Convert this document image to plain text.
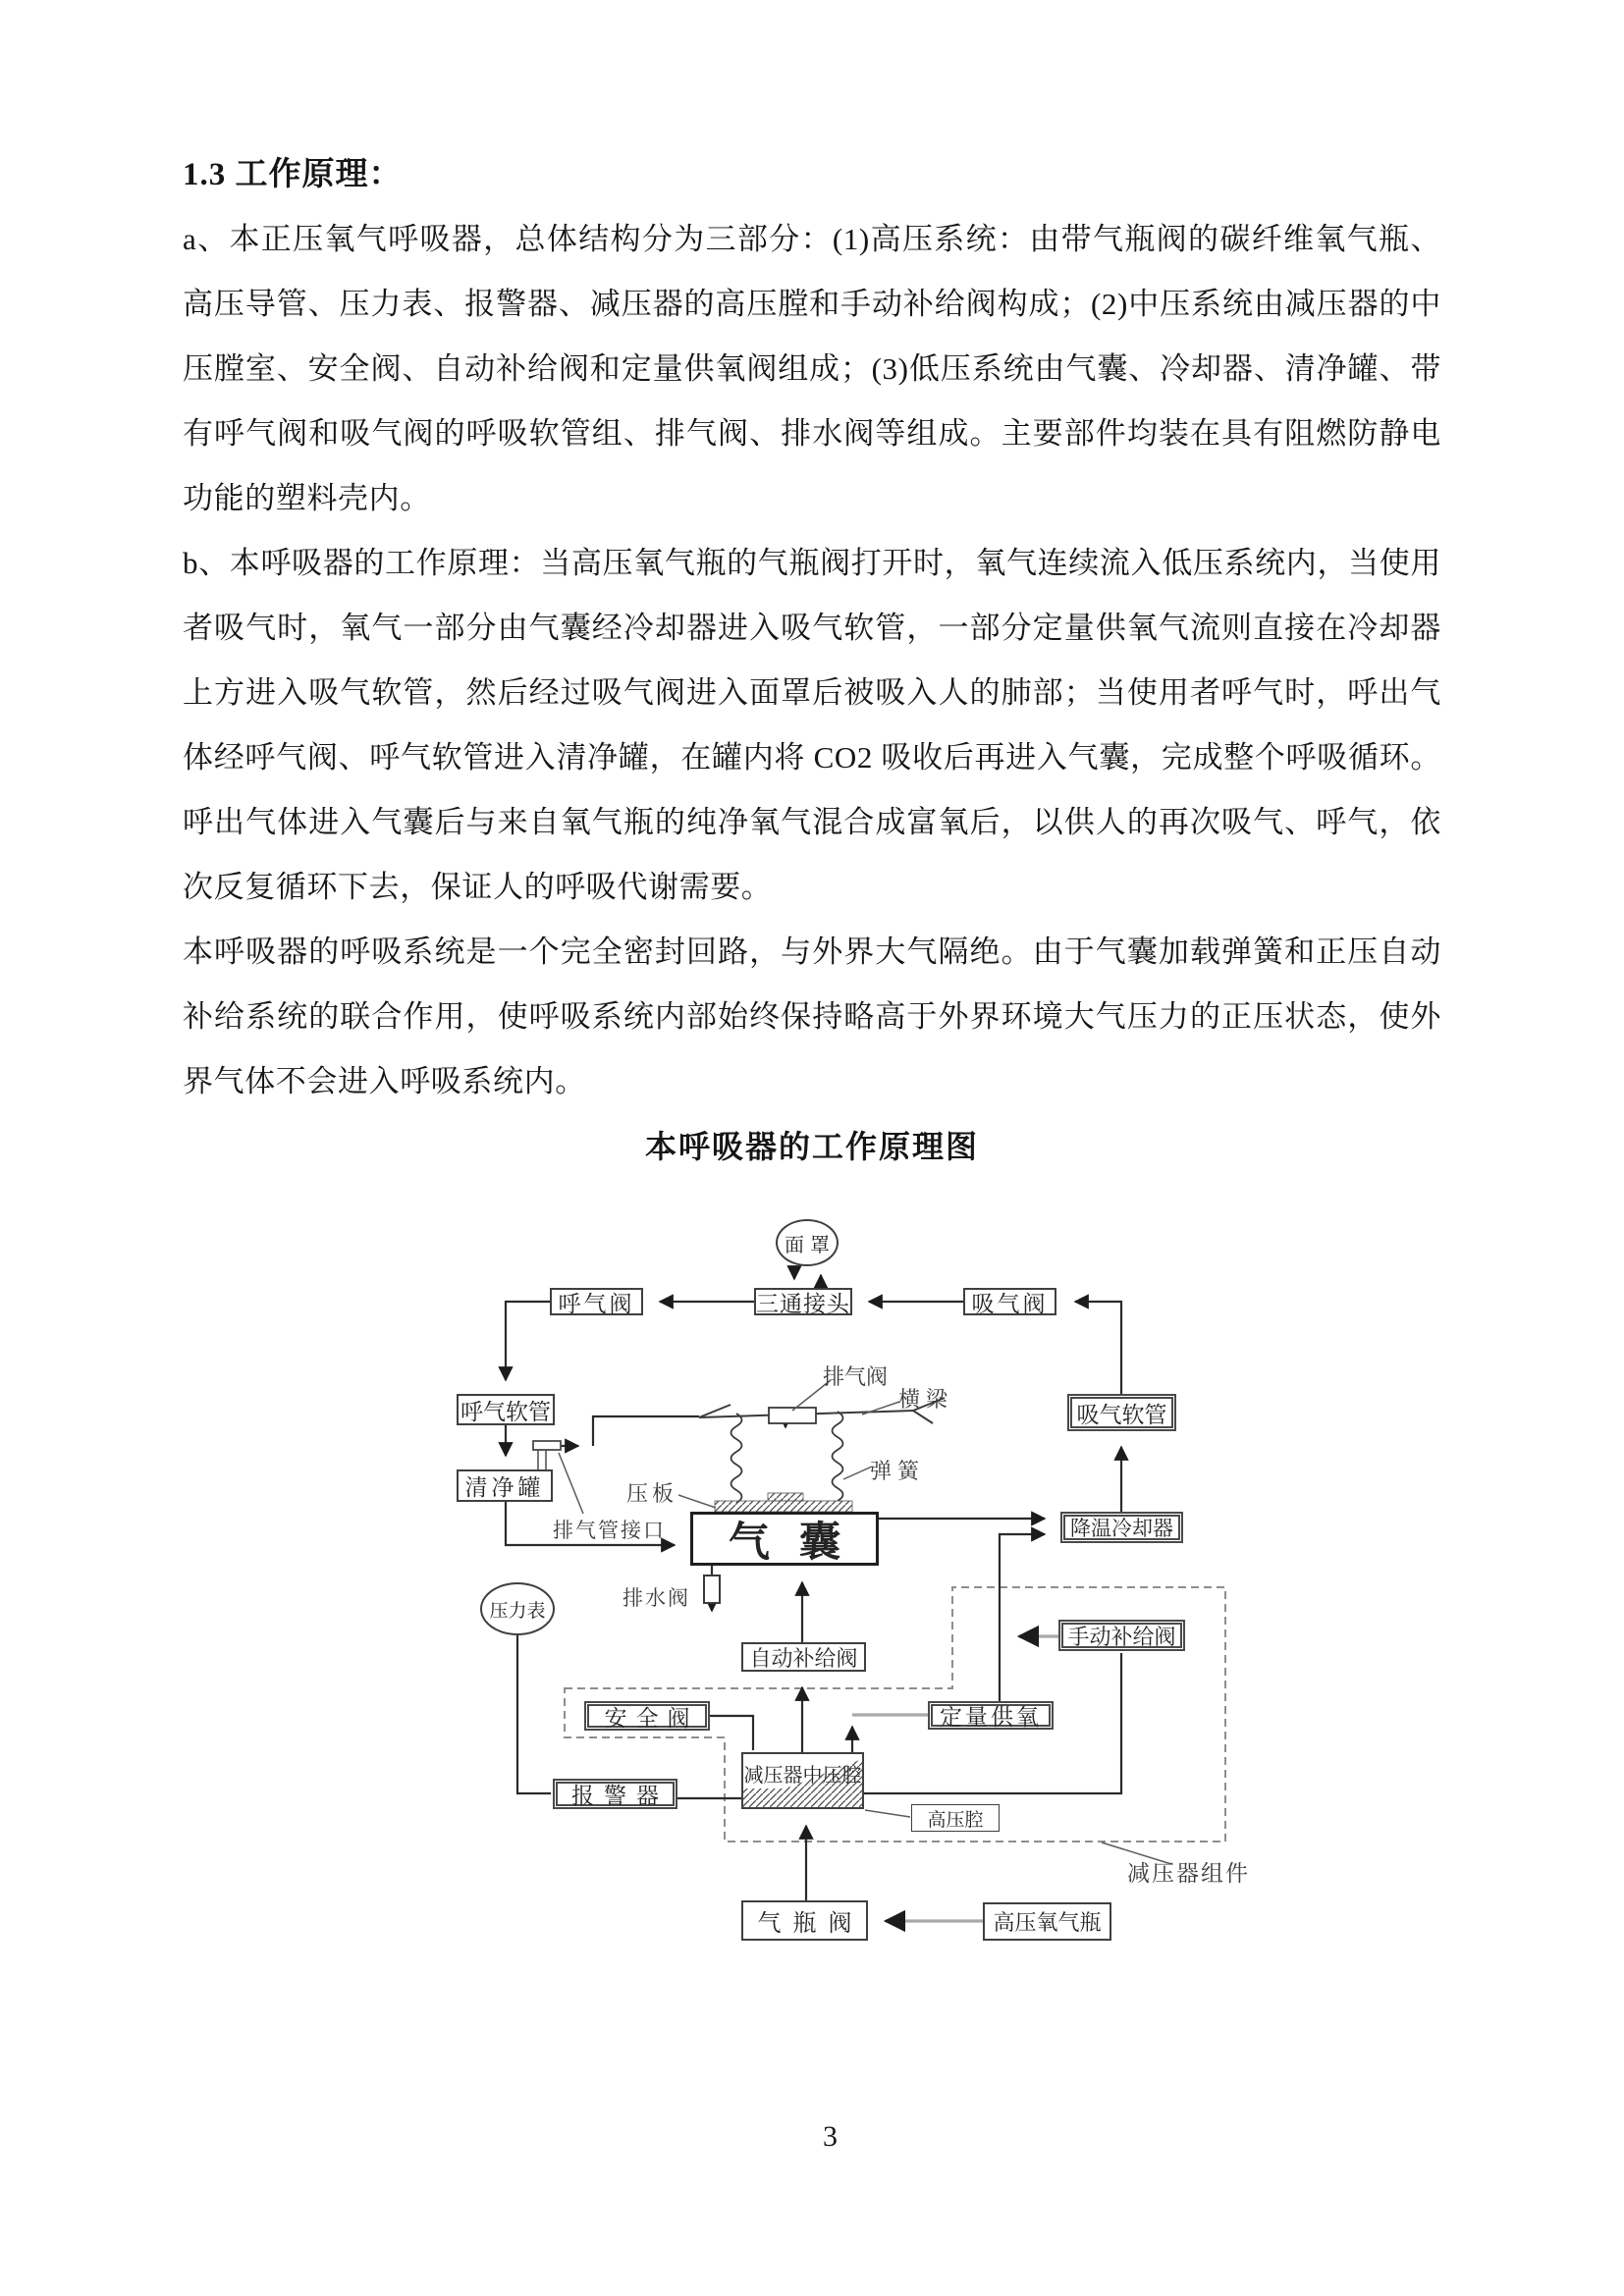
1.3 工作原理：
a、本正压氧气呼吸器，总体结构分为三部分：(1)高压系统：由带气瓶阀的碳纤维氧气瓶、高压导管、压力表、报警器、减压器的高压膛和手动补给阀构成；(2)中压系统由减压器的中压膛室、安全阀、自动补给阀和定量供氧阀组成；(3)低压系统由气囊、冷却器、清净罐、带有呼气阀和吸气阀的呼吸软管组、排气阀、排水阀等组成。主要部件均装在具有阻燃防静电功能的塑料壳内。
b、本呼吸器的工作原理：当高压氧气瓶的气瓶阀打开时，氧气连续流入低压系统内，当使用者吸气时，氧气一部分由气囊经冷却器进入吸气软管，一部分定量供氧气流则直接在冷却器上方进入吸气软管，然后经过吸气阀进入面罩后被吸入人的肺部；当使用者呼气时，呼出气体经呼气阀、呼气软管进入清净罐，在罐内将 CO2 吸收后再进入气囊，完成整个呼吸循环。呼出气体进入气囊后与来自氧气瓶的纯净氧气混合成富氧后，以供人的再次吸气、呼气，依次反复循环下去，保证人的呼吸代谢需要。
本呼吸器的呼吸系统是一个完全密封回路，与外界大气隔绝。由于气囊加载弹簧和正压自动补给系统的联合作用，使呼吸系统内部始终保持略高于外界环境大气压力的正压状态，使外界气体不会进入呼吸系统内。
本呼吸器的工作原理图
3
面罩
呼气阀	三通接头	吸气阀
呼气软管
清净罐
吸气软管
气囊	降温冷却器
压力表
自动补给阀
手动补给阀
安全阀	定量供氧
减压器中压腔
报警器
高压腔
气瓶阀	高压氧气瓶
排气阀
横梁
弹簧
压板
排气管接口
排水阀
减压器组件
